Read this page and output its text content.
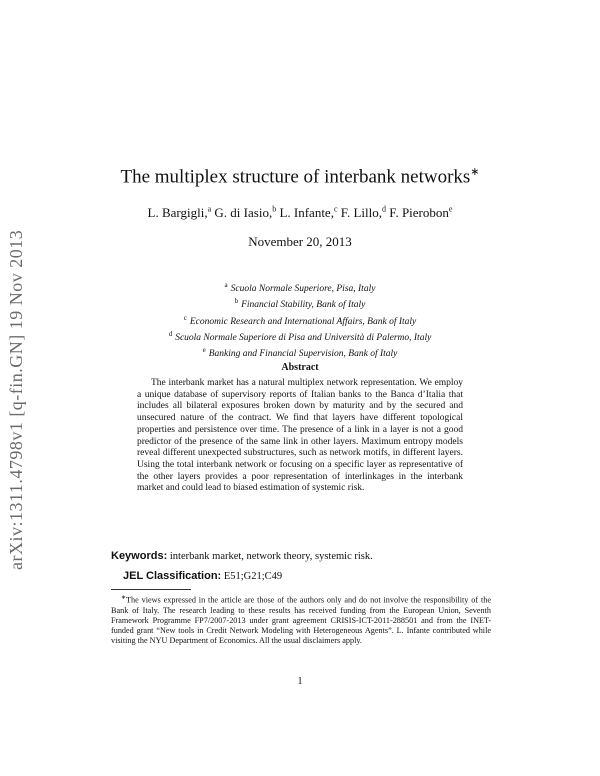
arXiv:1311.4798v1 [q-fin.GN] 19 Nov 2013
The multiplex structure of interbank networks∗
L. Bargigli,$^a$ G. di Iasio,$^b$ L. Infante,$^c$ F. Lillo,$^d$ F. Pierobon$^e$
November 20, 2013
$^a$ Scuola Normale Superiore, Pisa, Italy
$^b$ Financial Stability, Bank of Italy
$^c$ Economic Research and International Affairs, Bank of Italy
$^d$ Scuola Normale Superiore di Pisa and Università di Palermo, Italy
$^e$ Banking and Financial Supervision, Bank of Italy
Abstract

The interbank market has a natural multiplex network representation. We employ a unique database of supervisory reports of Italian banks to the Banca d’Italia that includes all bilateral exposures broken down by maturity and by the secured and unsecured nature of the contract. We find that layers have different topological properties and persistence over time. The presence of a link in a layer is not a good predictor of the presence of the same link in other layers. Maximum entropy models reveal different unexpected substructures, such as network motifs, in different layers. Using the total interbank network or focusing on a specific layer as representative of the other layers provides a poor representation of interlinkages in the interbank market and could lead to biased estimation of systemic risk.

Keywords: interbank market, network theory, systemic risk.
JEL Classification: E51;G21;C49

∗The views expressed in the article are those of the authors only and do not involve the responsibility of the Bank of Italy. The research leading to these results has received funding from the European Union, Seventh Framework Programme FP7/2007-2013 under grant agreement CRISIS-ICT-2011-288501 and from the INET-funded grant “New tools in Credit Network Modeling with Heterogeneous Agents”. L. Infante contributed while visiting the NYU Department of Economics. All the usual disclaimers apply.

1
